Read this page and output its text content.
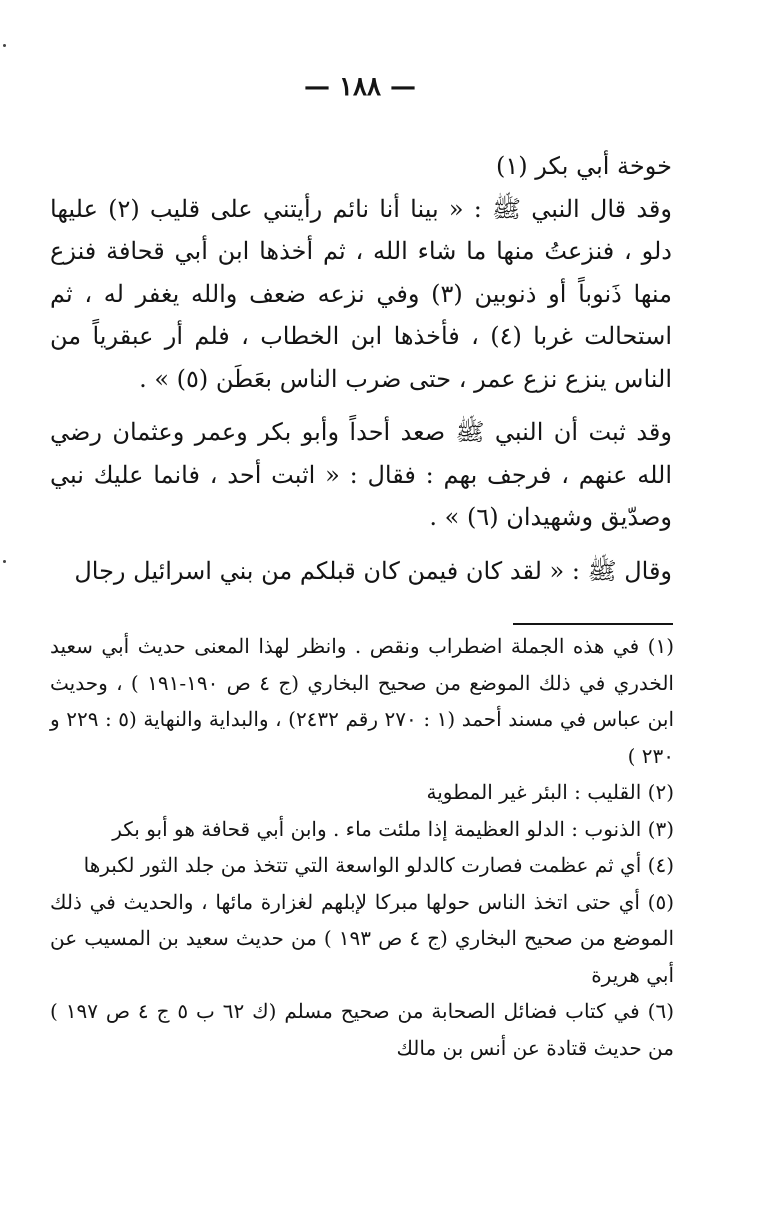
— ١٨٨ —

خوخة أبي بكر (١)

وقد قال النبي ﷺ : « بينا أنا نائم رأيتني على قليب (٢) عليها دلو ، فنزعتُ منها ما شاء الله ، ثم أخذها ابن أبي قحافة فنزع منها ذَنوباً أو ذنوبين (٣) وفي نزعه ضعف والله يغفر له ، ثم استحالت غربا (٤) ، فأخذها ابن الخطاب ، فلم أر عبقرياً من الناس ينزع نزع عمر ، حتى ضرب الناس بعَطَن (٥) » .

وقد ثبت أن النبي ﷺ صعد أحداً وأبو بكر وعمر وعثمان رضي الله عنهم ، فرجف بهم : فقال : « اثبت أحد ، فانما عليك نبي وصدّيق وشهيدان (٦) » .

وقال ﷺ : « لقد كان فيمن كان قبلكم من بني اسرائيل رجال

(١) في هذه الجملة اضطراب ونقص . وانظر لهذا المعنى حديث أبي سعيد الخدري في ذلك الموضع من صحيح البخاري (ج ٤ ص ١٩٠-١٩١ ) ، وحديث ابن عباس في مسند أحمد (١ : ٢٧٠ رقم ٢٤٣٢) ، والبداية والنهاية (٥ : ٢٢٩ و ٢٣٠ )

(٢) القليب : البئر غير المطوية

(٣) الذنوب : الدلو العظيمة إذا ملئت ماء . وابن أبي قحافة هو أبو بكر

(٤) أي ثم عظمت فصارت كالدلو الواسعة التي تتخذ من جلد الثور لكبرها

(٥) أي حتى اتخذ الناس حولها مبركا لإبلهم لغزارة مائها ، والحديث في ذلك الموضع من صحيح البخاري (ج ٤ ص ١٩٣ ) من حديث سعيد بن المسيب عن أبي هريرة

(٦) في كتاب فضائل الصحابة من صحيح مسلم (ك ٦٢ ب ٥ ج ٤ ص ١٩٧ ) من حديث قتادة عن أنس بن مالك
